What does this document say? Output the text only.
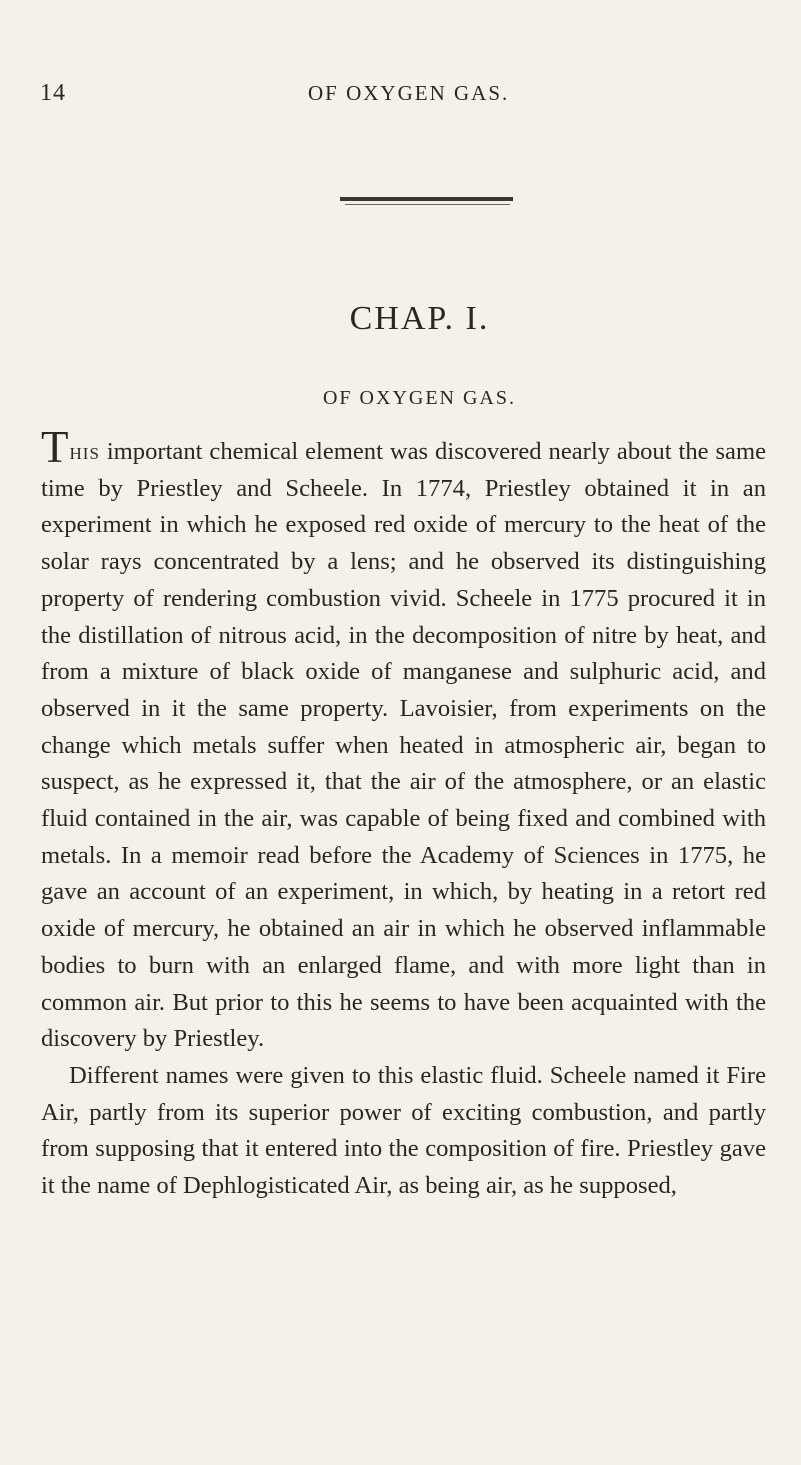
14	OF OXYGEN GAS.
CHAP. I.
OF OXYGEN GAS.

This important chemical element was discovered nearly about the same time by Priestley and Scheele. In 1774, Priestley obtained it in an experiment in which he exposed red oxide of mercury to the heat of the solar rays concentrated by a lens; and he observed its distinguishing property of rendering combustion vivid. Scheele in 1775 procured it in the distillation of nitrous acid, in the decomposition of nitre by heat, and from a mixture of black oxide of manganese and sulphuric acid, and observed in it the same property. Lavoisier, from experiments on the change which metals suffer when heated in atmospheric air, began to suspect, as he expressed it, that the air of the atmosphere, or an elastic fluid contained in the air, was capable of being fixed and combined with metals. In a memoir read before the Academy of Sciences in 1775, he gave an account of an experiment, in which, by heating in a retort red oxide of mercury, he obtained an air in which he observed inflammable bodies to burn with an enlarged flame, and with more light than in common air. But prior to this he seems to have been acquainted with the discovery by Priestley.

Different names were given to this elastic fluid. Scheele named it Fire Air, partly from its superior power of exciting combustion, and partly from supposing that it entered into the composition of fire. Priestley gave it the name of Dephlogisticated Air, as being air, as he supposed,
